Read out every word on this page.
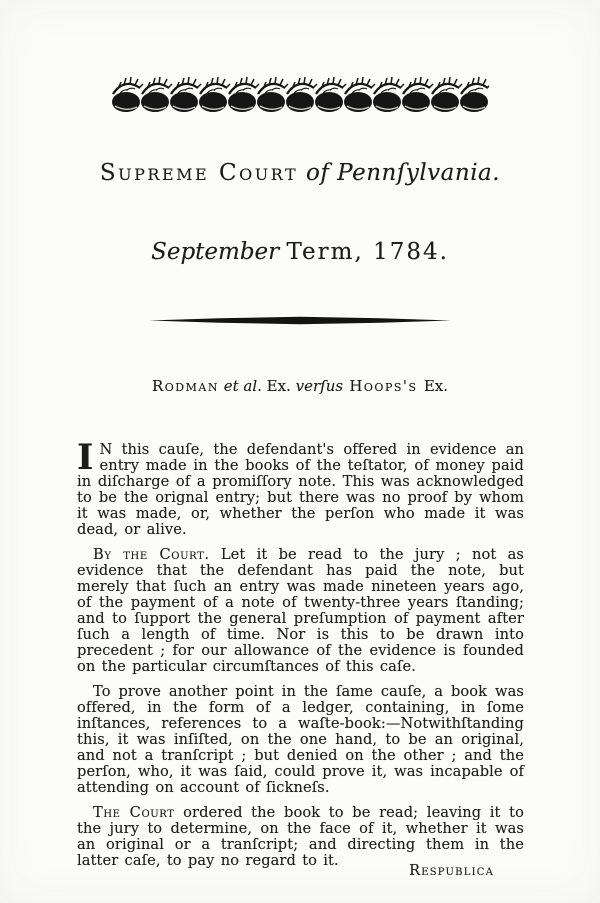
Supreme Court of Pennſylvania.
September Term, 1784.
Rodman et al. Ex. verſus Hoops's Ex.

I N this cauſe, the defendant's offered in evidence an entry made in the books of the teſtator, of money paid in diſcharge of a promiſſory note. This was acknowledged to be the orignal entry; but there was no proof by whom it was made, or, whether the perſon who made it was dead, or alive.

By the Court. Let it be read to the jury ; not as evidence that the defendant has paid the note, but merely that ſuch an entry was made nineteen years ago, of the payment of a note of twenty-three years ſtanding; and to ſupport the general preſumption of payment after ſuch a length of time. Nor is this to be drawn into precedent ; for our allowance of the evidence is founded on the particular circumſtances of this caſe.

To prove another point in the ſame cauſe, a book was offered, in the form of a ledger, containing, in ſome inſtances, references to a waſte-book:—Notwithſtanding this, it was inſiſted, on the one hand, to be an original, and not a tranſcript ; but denied on the other ; and the perſon, who, it was ſaid, could prove it, was incapable of attending on account of ſickneſs.

The Court ordered the book to be read; leaving it to the jury to determine, on the face of it, whether it was an original or a tranſcript; and directing them in the latter caſe, to pay no regard to it.

Respublica
